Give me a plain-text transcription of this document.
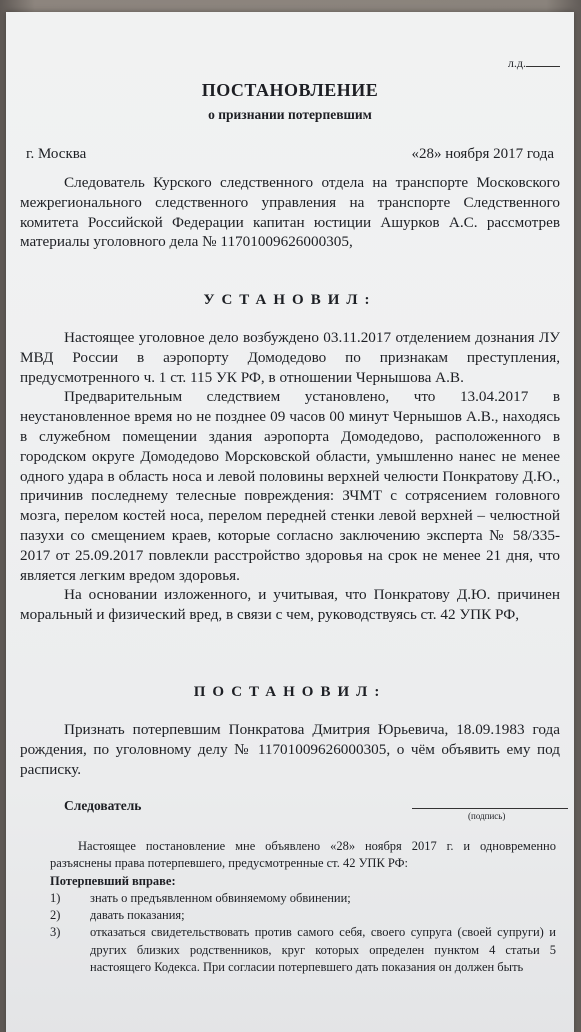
л.д.
ПОСТАНОВЛЕНИЕ
о признании потерпевшим
г. Москва	«28» ноября 2017 года

Следователь Курского следственного отдела на транспорте Московского межрегионального следственного управления на транспорте Следственного комитета Российской Федерации капитан юстиции Ашурков А.С. рассмотрев материалы уголовного дела № 11701009626000305,

УСТАНОВИЛ:

Настоящее уголовное дело возбуждено 03.11.2017 отделением дознания ЛУ МВД России в аэропорту Домодедово по признакам преступления, предусмотренного ч. 1 ст. 115 УК РФ, в отношении Чернышова А.В.

Предварительным следствием установлено, что 13.04.2017 в неустановленное время но не позднее 09 часов 00 минут Чернышов А.В., находясь в служебном помещении здания аэропорта Домодедово, расположенного в городском округе Домодедово Морсковской области, умышленно нанес не менее одного удара в область носа и левой половины верхней челюсти Понкратову Д.Ю., причинив последнему телесные повреждения: ЗЧМТ с сотрясением головного мозга, перелом костей носа, перелом передней стенки левой верхней – челюстной пазухи со смещением краев, которые согласно заключению эксперта № 58/335-2017 от 25.09.2017 повлекли расстройство здоровья на срок не менее 21 дня, что является легким вредом здоровья.

На основании изложенного, и учитывая, что Понкратову Д.Ю. причинен моральный и физический вред, в связи с чем, руководствуясь ст. 42 УПК РФ,

ПОСТАНОВИЛ:

Признать потерпевшим Понкратова Дмитрия Юрьевича, 18.09.1983 года рождения, по уголовному делу № 11701009626000305, о чём объявить ему под расписку.

Следователь
(подпись)

Настоящее постановление мне объявлено «28» ноября 2017 г. и одновременно разъяснены права потерпевшего, предусмотренные ст. 42 УПК РФ:

Потерпевший вправе:

1)	знать о предъявленном обвиняемому обвинении;
2)	давать показания;
3)	отказаться свидетельствовать против самого себя, своего супруга (своей супруги) и других близких родственников, круг которых определен пунктом 4 статьи 5 настоящего Кодекса. При согласии потерпевшего дать показания он должен быть
